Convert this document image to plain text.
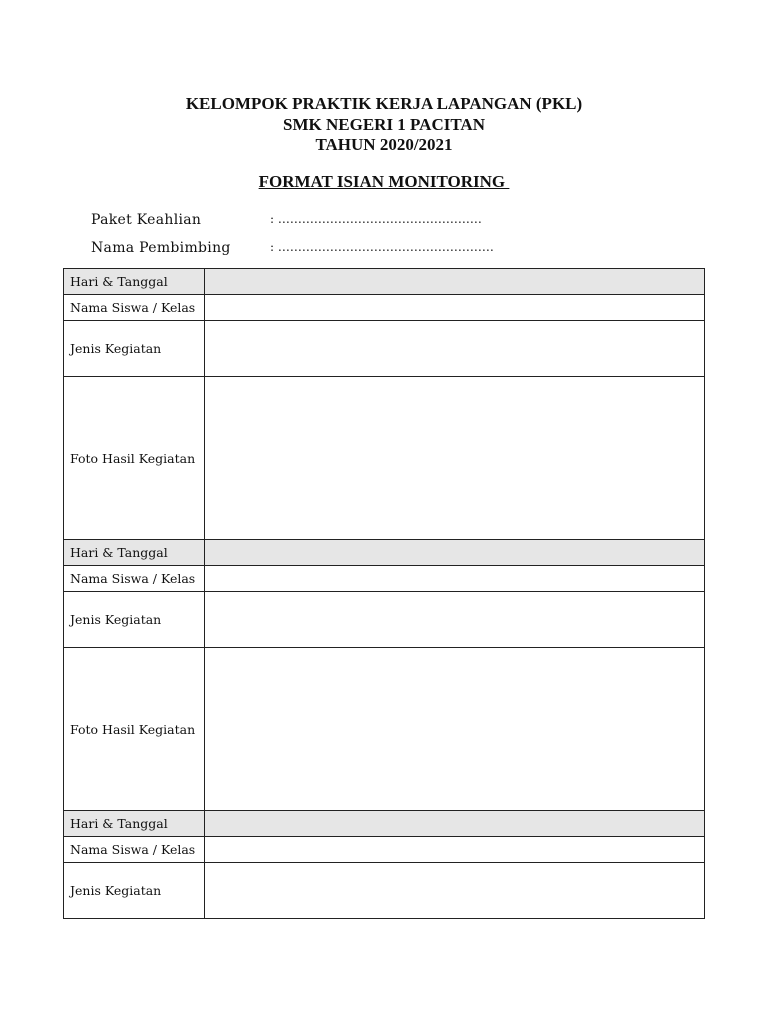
KELOMPOK PRAKTIK KERJA LAPANGAN (PKL)

SMK NEGERI 1 PACITAN

TAHUN 2020/2021

FORMAT ISIAN MONITORING
Paket Keahlian	: ……………………………………………
Nama Pembimbing	: ………………………………………………
Hari & Tanggal	
Nama Siswa / Kelas	
Jenis Kegiatan	
Foto Hasil Kegiatan	
Hari & Tanggal	
Nama Siswa / Kelas	
Jenis Kegiatan	
Foto Hasil Kegiatan	
Hari & Tanggal	
Nama Siswa / Kelas	
Jenis Kegiatan	
